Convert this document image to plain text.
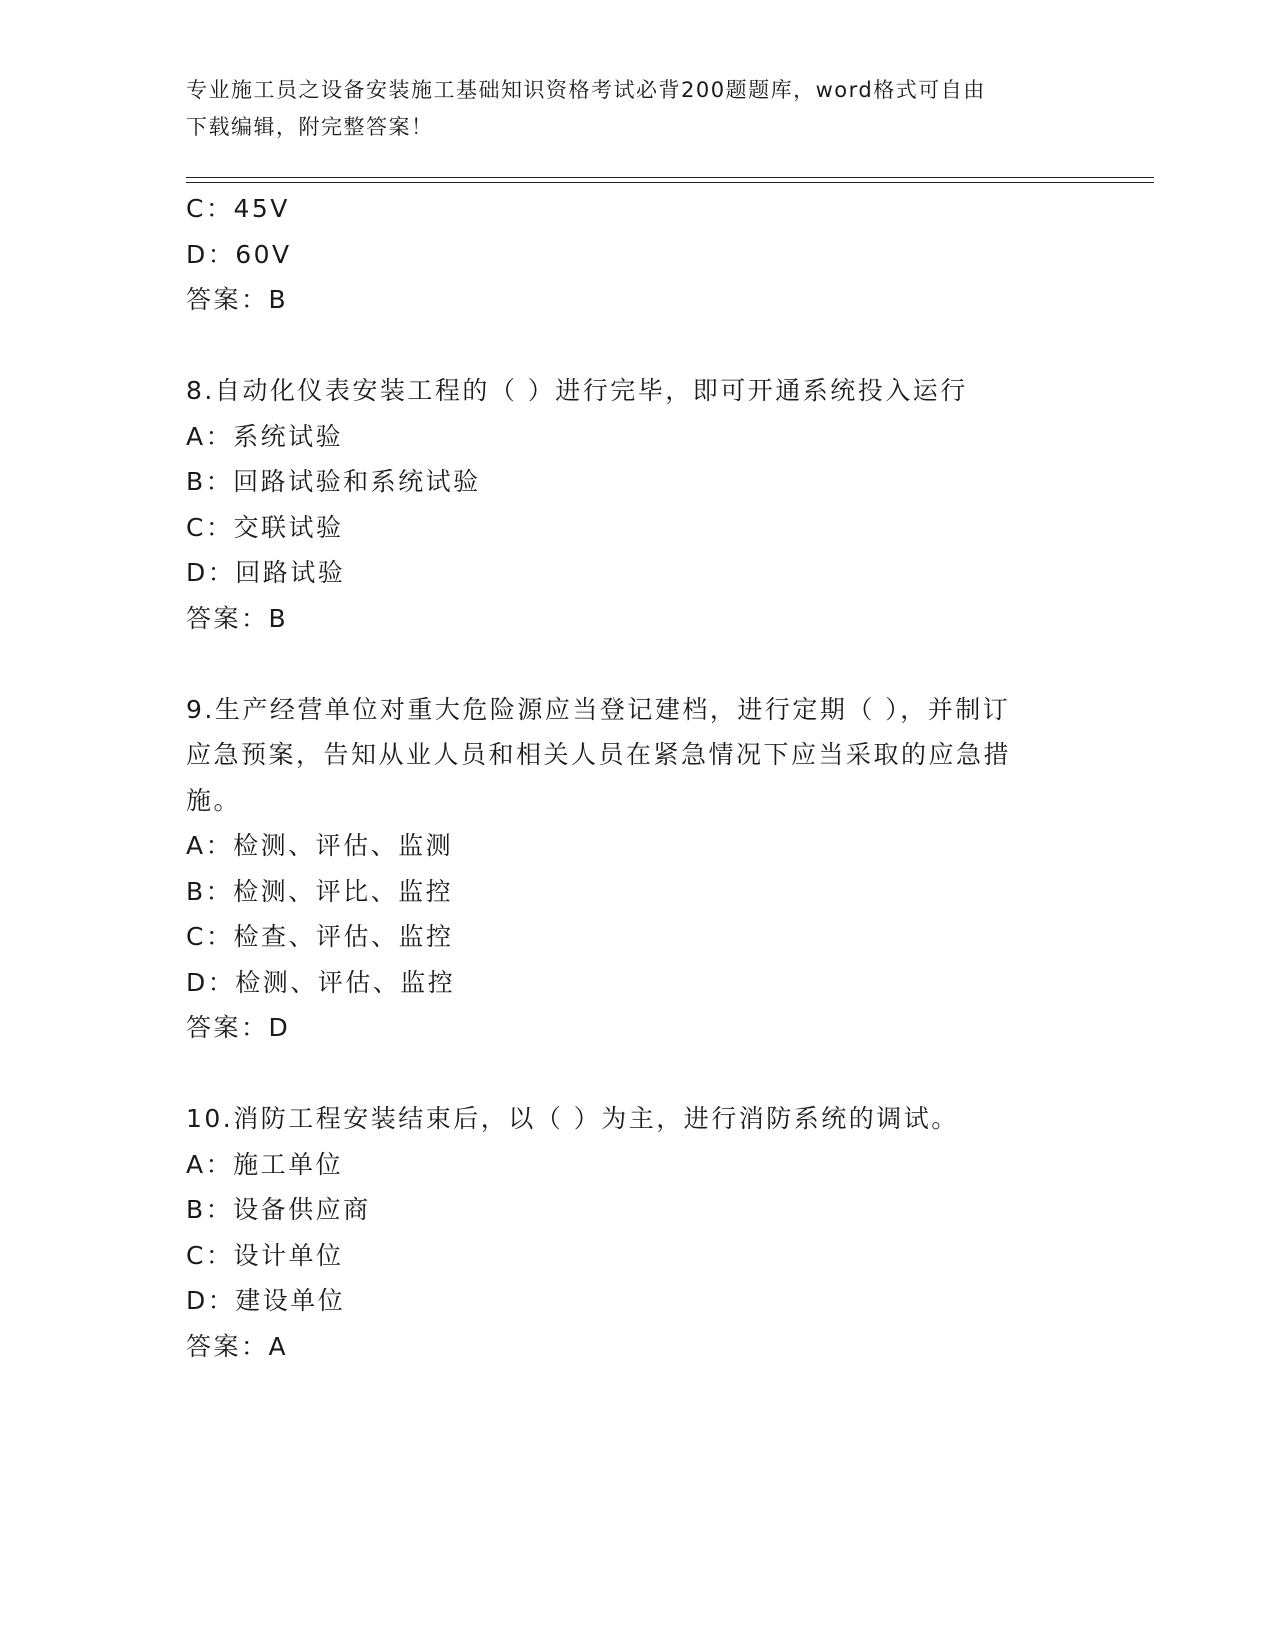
专业施工员之设备安装施工基础知识资格考试必背200题题库，word格式可自由
下载编辑，附完整答案！
C：45V
D：60V
答案：B
8.自动化仪表安装工程的（ ）进行完毕，即可开通系统投入运行
A：系统试验
B：回路试验和系统试验
C：交联试验
D：回路试验
答案：B
9.生产经营单位对重大危险源应当登记建档，进行定期（ ），并制订
应急预案，告知从业人员和相关人员在紧急情况下应当采取的应急措
施。
A：检测、评估、监测
B：检测、评比、监控
C：检查、评估、监控
D：检测、评估、监控
答案：D
10.消防工程安装结束后，以（ ）为主，进行消防系统的调试。
A：施工单位
B：设备供应商
C：设计单位
D：建设单位
答案：A
